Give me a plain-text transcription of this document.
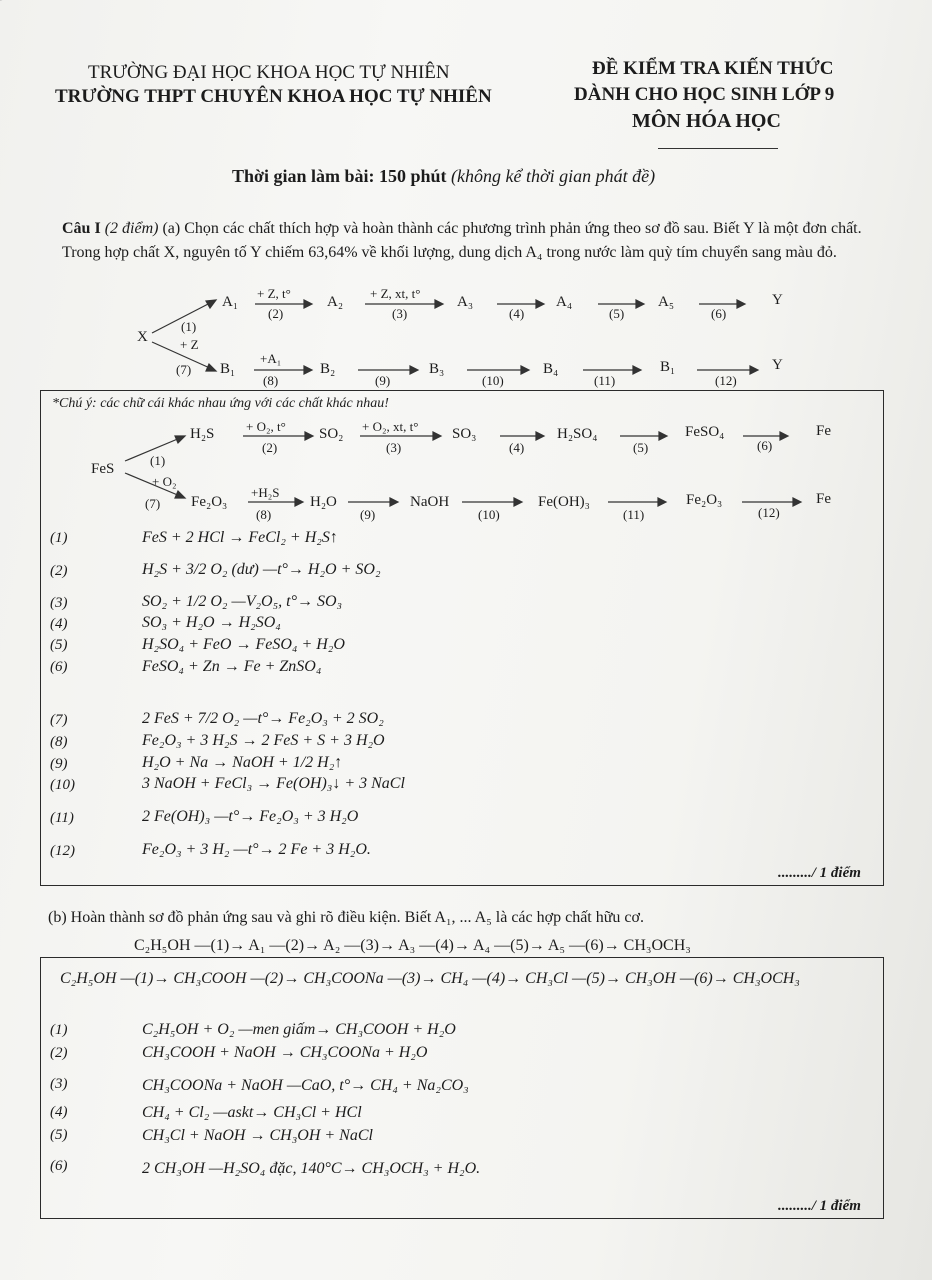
TRƯỜNG ĐẠI HỌC KHOA HỌC TỰ NHIÊN
TRƯỜNG THPT CHUYÊN KHOA HỌC TỰ NHIÊN
ĐỀ KIỂM TRA KIẾN THỨC
DÀNH CHO HỌC SINH LỚP 9
MÔN HÓA HỌC
Thời gian làm bài: 150 phút (không kể thời gian phát đề)
Câu I (2 điểm) (a) Chọn các chất thích hợp và hoàn thành các phương trình phản ứng theo sơ đồ sau. Biết Y là một đơn chất. Trong hợp chất X, nguyên tố Y chiếm 63,64% về khối lượng, dung dịch A₄ trong nước làm quỳ tím chuyển sang màu đỏ.
X
(1)
+ Z
(7)
A₁
+ Z, t°
(2)
A₂
+ Z, xt, t°
(3)
A₃
(4)
A₄
(5)
A₅
(6)
Y
B₁
+A₁
(8)
B₂
(9)
B₃
(10)
B₄
(11)
B₁
(12)
Y
*Chú ý: các chữ cái khác nhau ứng với các chất khác nhau!
FeS
(1)
+ O₂
(7)
H₂S + O₂, t°
(2)
SO₂ + O₂, xt, t°
(3)
SO₃
(4)
H₂SO₄
(5)
FeSO₄
(6)
Fe
Fe₂O₃
+H₂S
(8)
H₂O
(9)
NaOH
(10)
Fe(OH)₃
(11)
Fe₂O₃
(12)
Fe
(1)	FeS + 2 HCl → FeCl₂ + H₂S↑
(2)	H₂S + 3/2 O₂ (dư) —t°→ H₂O + SO₂
(3)	SO₂ + 1/2 O₂ —V₂O₅, t°→ SO₃
(4)	SO₃ + H₂O → H₂SO₄
(5)	H₂SO₄ + FeO → FeSO₄ + H₂O
(6)	FeSO₄ + Zn → Fe + ZnSO₄
(7)	2 FeS + 7/2 O₂ —t°→ Fe₂O₃ + 2 SO₂
(8)	Fe₂O₃ + 3 H₂S → 2 FeS + S + 3 H₂O
(9)	H₂O + Na → NaOH + 1/2 H₂↑
(10)	3 NaOH + FeCl₃ → Fe(OH)₃↓ + 3 NaCl
(11)	2 Fe(OH)₃ —t°→ Fe₂O₃ + 3 H₂O
(12)	Fe₂O₃ + 3 H₂ —t°→ 2 Fe + 3 H₂O.
........./ 1 điểm
(b) Hoàn thành sơ đồ phản ứng sau và ghi rõ điều kiện. Biết A₁, ... A₅ là các hợp chất hữu cơ.
C₂H₅OH —(1)→ A₁ —(2)→ A₂ —(3)→ A₃ —(4)→ A₄ —(5)→ A₅ —(6)→ CH₃OCH₃
C₂H₅OH —(1)→ CH₃COOH —(2)→ CH₃COONa —(3)→ CH₄ —(4)→ CH₃Cl —(5)→ CH₃OH —(6)→ CH₃OCH₃
(1)	C₂H₅OH + O₂ —men giấm→ CH₃COOH + H₂O
(2)	CH₃COOH + NaOH → CH₃COONa + H₂O
(3)	CH₃COONa + NaOH —CaO, t°→ CH₄ + Na₂CO₃
(4)	CH₄ + Cl₂ —askt→ CH₃Cl + HCl
(5)	CH₃Cl + NaOH → CH₃OH + NaCl
(6)	2 CH₃OH —H₂SO₄ đặc, 140°C→ CH₃OCH₃ + H₂O.
........./ 1 điểm
